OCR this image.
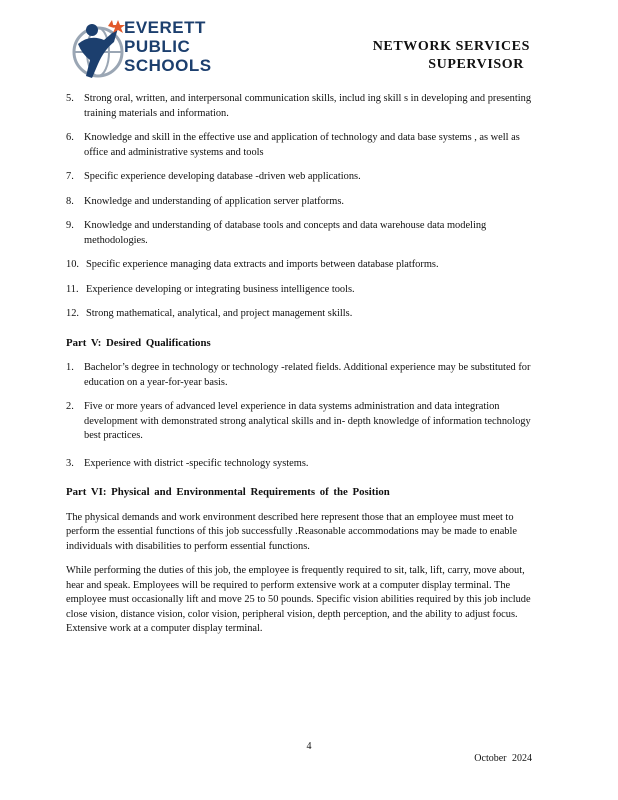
EVERETT
PUBLIC
SCHOOLS
NETWORK SERVICES
SUPERVISOR
5. Strong oral, written, and interpersonal communication skills, includ ing skill s in developing and presenting training materials and information.
6. Knowledge and skill in the effective use and application of technology and data base systems , as well as office and administrative systems and tools
7. Specific experience developing database -driven web applications.
8. Knowledge and understanding of application server platforms.
9. Knowledge and understanding of database tools and concepts and data warehouse data modeling methodologies.
10. Specific experience managing data extracts and imports between database platforms.
11. Experience developing or integrating business intelligence tools.
12. Strong mathematical, analytical, and project management skills.
Part V: Desired Qualifications
1. Bachelor’s degree in technology or technology -related fields. Additional experience may be substituted for education on a year-for-year basis.
2. Five or more years of advanced level experience in data systems administration and data integration development with demonstrated strong analytical skills and in- depth knowledge of information technology best practices.
3. Experience with district -specific technology systems.
Part VI: Physical and Environmental Requirements of the Position

The physical demands and work environment described here represent those that an employee must meet to perform the essential functions of this job successfully .Reasonable accommodations may be made to enable individuals with disabilities to perform essential functions.

While performing the duties of this job, the employee is frequently required to sit, talk, lift, carry, move about, hear and speak. Employees will be required to perform extensive work at a computer display terminal. The employee must occasionally lift and move 25 to 50 pounds. Specific vision abilities required by this job include close vision, distance vision, color vision, peripheral vision, depth perception, and the ability to adjust focus. Extensive work at a computer display terminal.

4
October 2024
